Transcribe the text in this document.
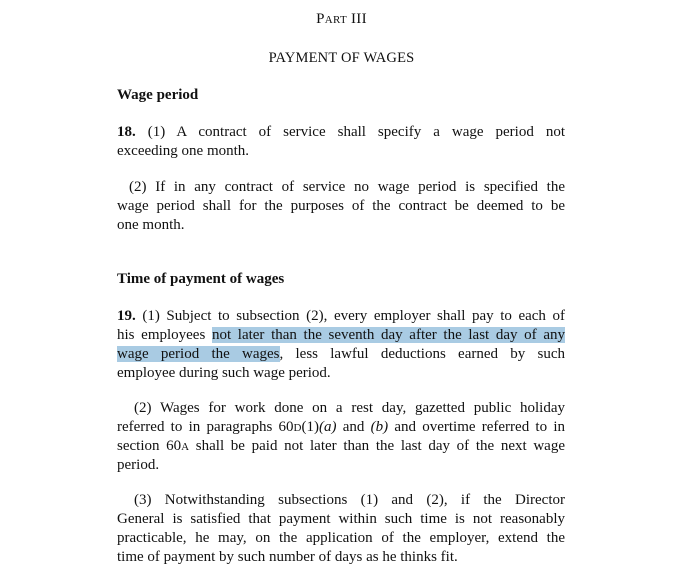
Part III
PAYMENT OF WAGES
Wage period
18. (1) A contract of service shall specify a wage period not
exceeding one month.
(2) If in any contract of service no wage period is specified the
wage period shall for the purposes of the contract be deemed to be
one month.
Time of payment of wages
19. (1) Subject to subsection (2), every employer shall pay to each of
his employees not later than the seventh day after the last day of any
wage period the wages, less lawful deductions earned by such
employee during such wage period.
(2) Wages for work done on a rest day, gazetted public holiday
referred to in paragraphs 60d(1)(a) and (b) and overtime referred to in
section 60a shall be paid not later than the last day of the next wage
period.
(3) Notwithstanding subsections (1) and (2), if the Director
General is satisfied that payment within such time is not reasonably
practicable, he may, on the application of the employer, extend the
time of payment by such number of days as he thinks fit.
